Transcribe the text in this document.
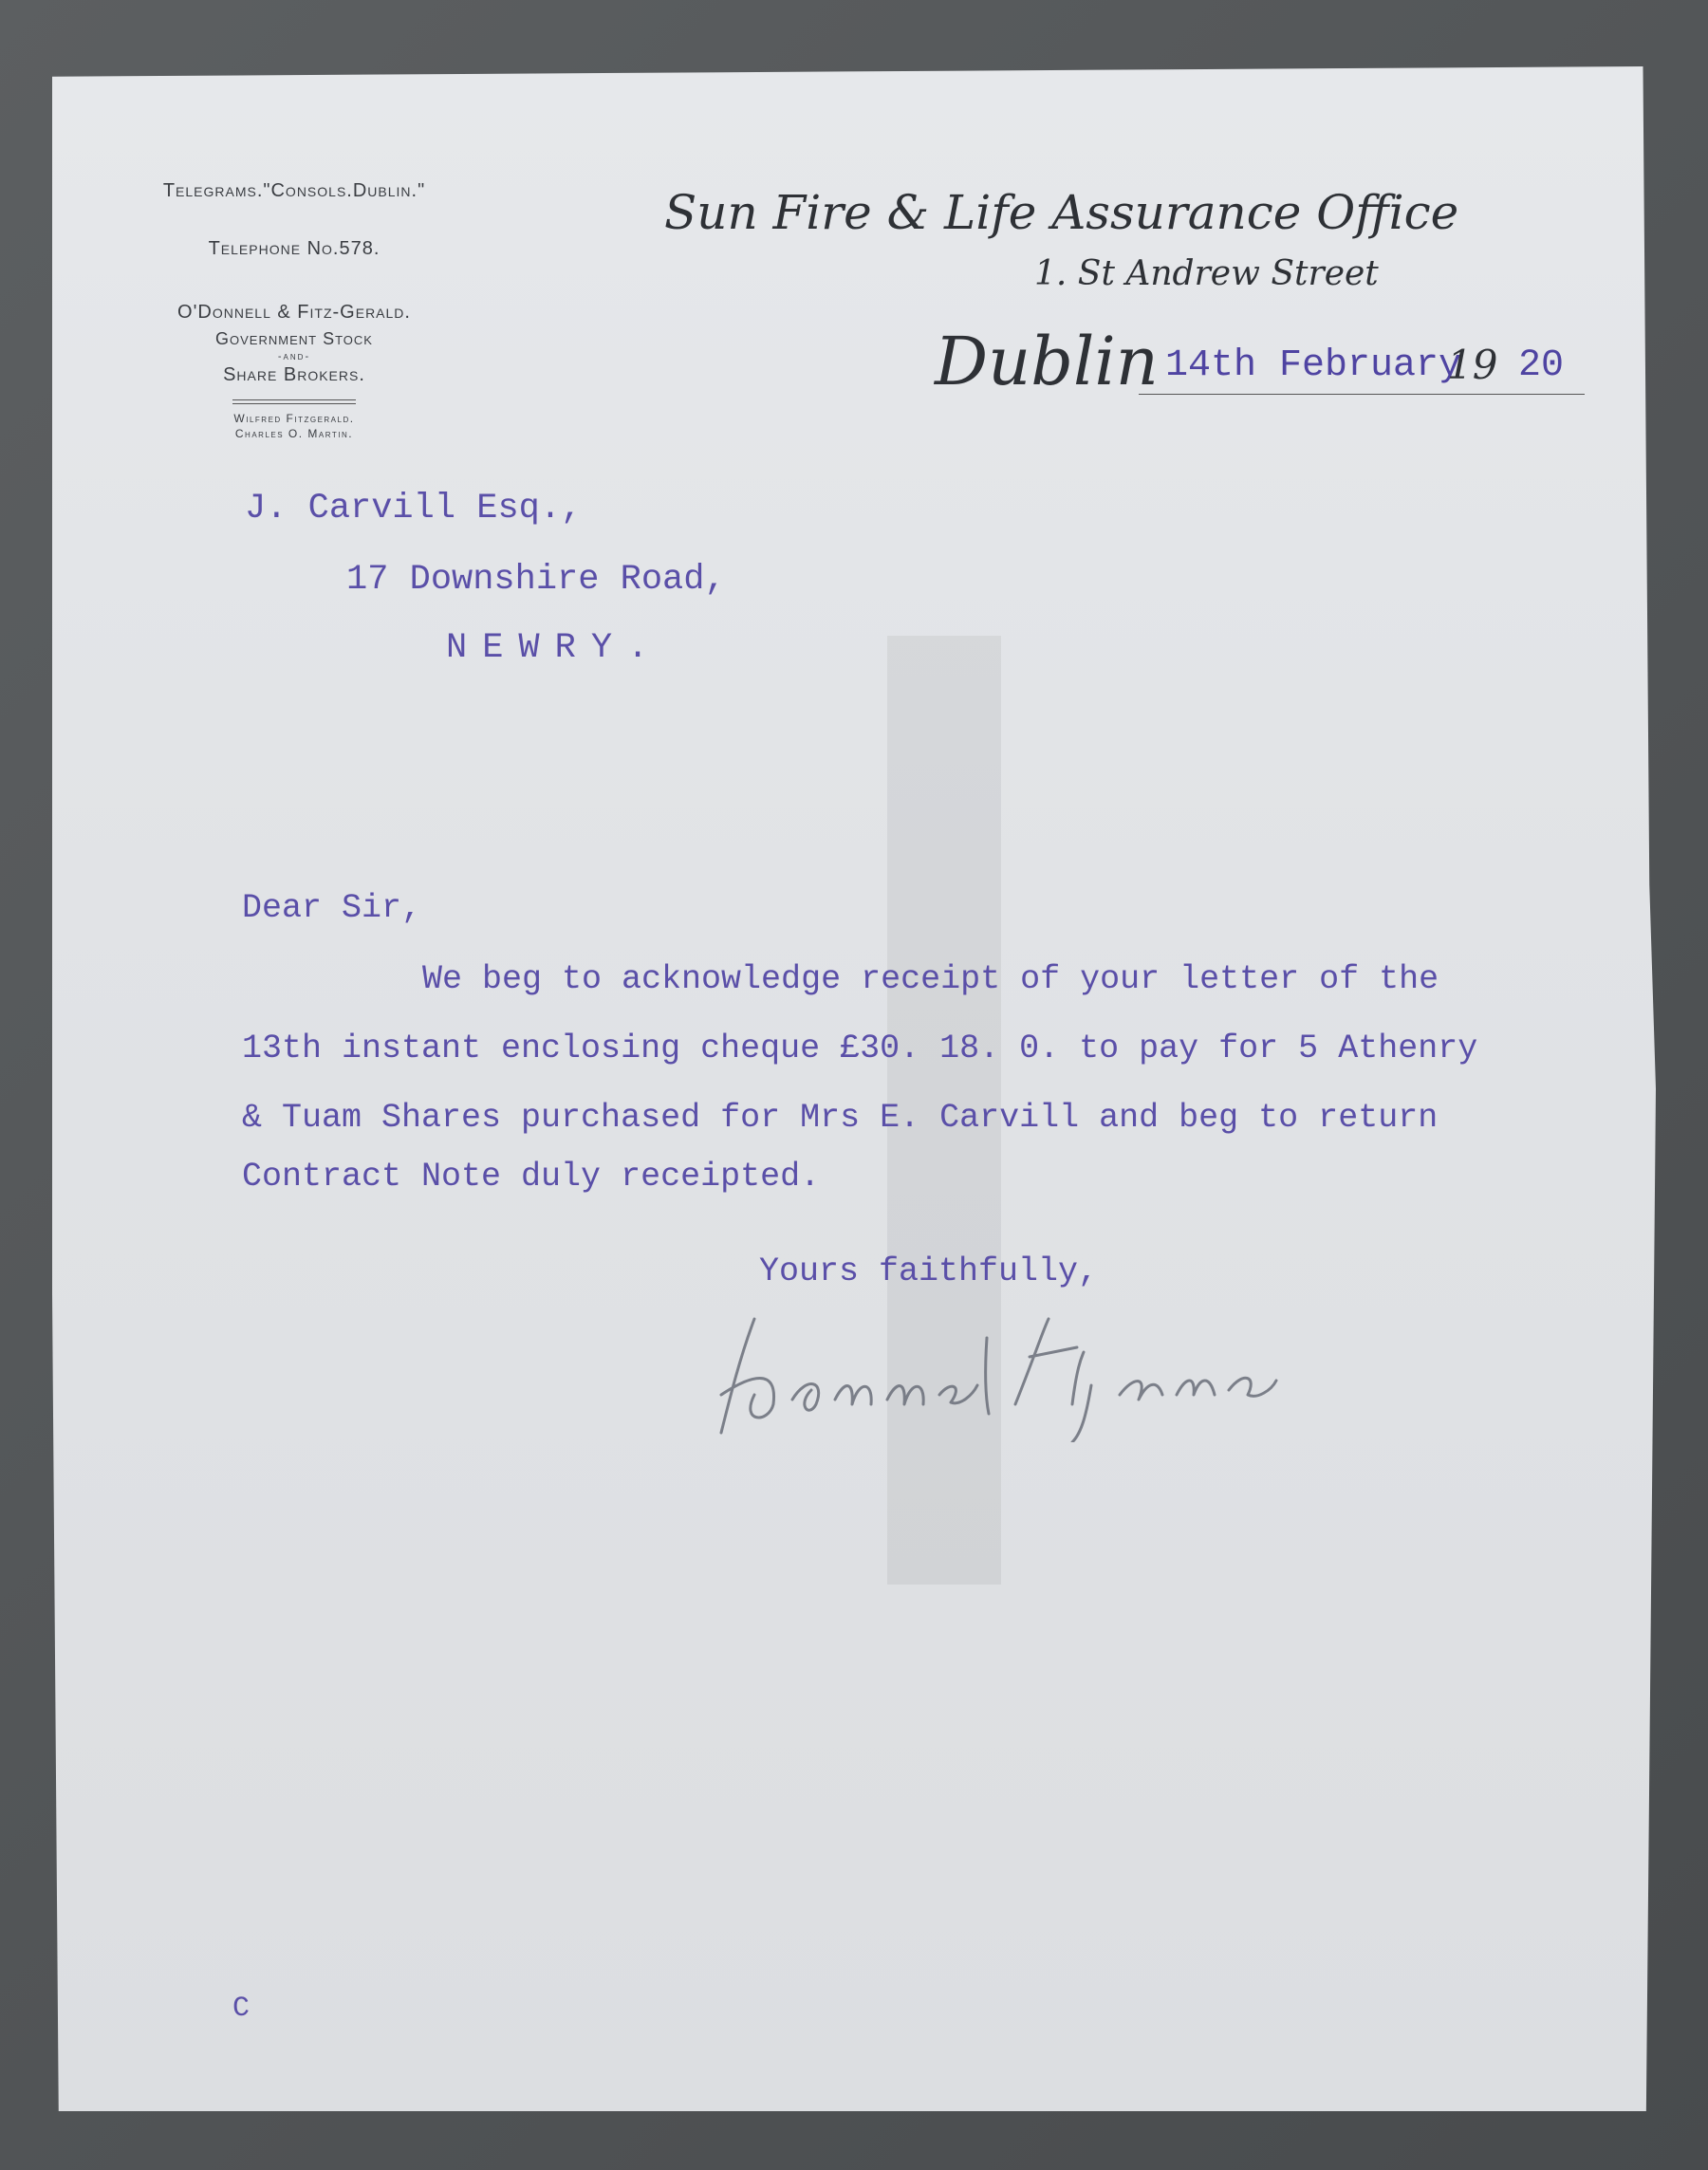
Telegrams."Consols.Dublin."
Telephone No.578.
O'Donnell & Fitz-Gerald.
Government Stock
-and-
Share Brokers.
Wilfred Fitzgerald.
Charles O. Martin.
Sun Fire & Life Assurance Office
1. St Andrew Street
Dublin 14th February
19 20
J. Carvill Esq.,
17 Downshire Road,
NEWRY.
Dear Sir,
We beg to acknowledge receipt of your letter of the
13th instant enclosing cheque £30. 18. 0. to pay for 5 Athenry
& Tuam Shares purchased for Mrs E. Carvill and beg to return
Contract Note duly receipted.
Yours faithfully,
C
